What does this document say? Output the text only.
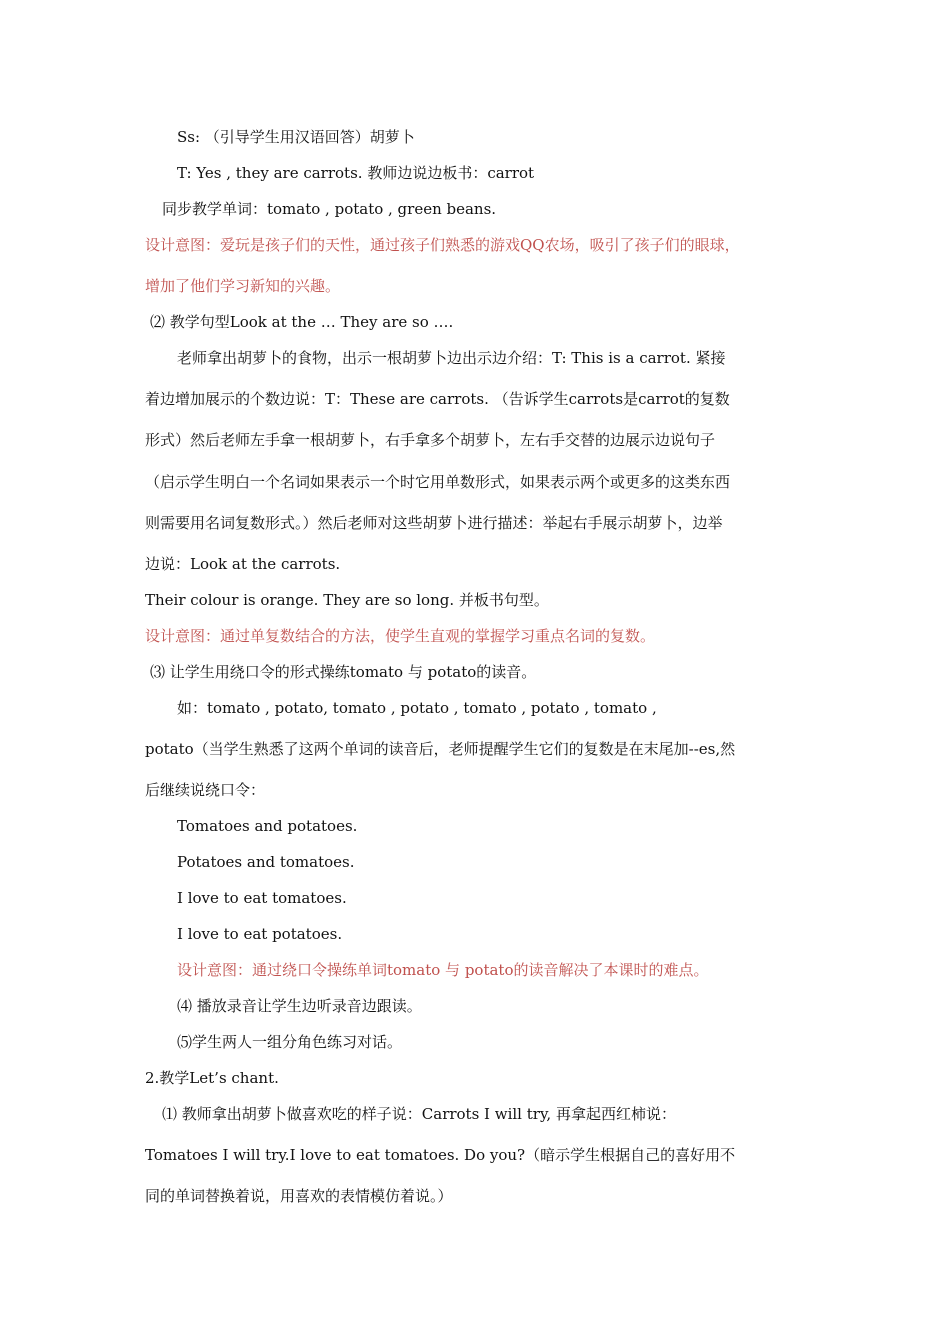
Ss: （引导学生用汉语回答）胡萝卜
T: Yes , they are carrots. 教师边说边板书：carrot
同步教学单词：tomato , potato , green beans.
设计意图：爱玩是孩子们的天性，通过孩子们熟悉的游戏QQ农场，吸引了孩子们的眼球，
增加了他们学习新知的兴趣。
⑵ 教学句型Look at the … They are so ….
老师拿出胡萝卜的食物，出示一根胡萝卜边出示边介绍：T: This is a carrot. 紧接
着边增加展示的个数边说：T：These are carrots. （告诉学生carrots是carrot的复数
形式）然后老师左手拿一根胡萝卜，右手拿多个胡萝卜，左右手交替的边展示边说句子
（启示学生明白一个名词如果表示一个时它用单数形式，如果表示两个或更多的这类东西
则需要用名词复数形式。）然后老师对这些胡萝卜进行描述：举起右手展示胡萝卜，边举
边说：Look at the carrots.
Their colour is orange. They are so long. 并板书句型。
设计意图：通过单复数结合的方法，使学生直观的掌握学习重点名词的复数。
⑶ 让学生用绕口令的形式操练tomato 与 potato的读音。
如：tomato , potato, tomato , potato , tomato , potato , tomato ,
potato（当学生熟悉了这两个单词的读音后，老师提醒学生它们的复数是在末尾加--es,然
后继续说绕口令：
Tomatoes and potatoes.
Potatoes and tomatoes.
I love to eat tomatoes.
I love to eat potatoes.
设计意图：通过绕口令操练单词tomato 与 potato的读音解决了本课时的难点。
⑷ 播放录音让学生边听录音边跟读。
⑸学生两人一组分角色练习对话。
2.教学Let’s chant.
⑴ 教师拿出胡萝卜做喜欢吃的样子说：Carrots I will try, 再拿起西红柿说：
Tomatoes I will try.I love to eat tomatoes. Do you?（暗示学生根据自己的喜好用不
同的单词替换着说，用喜欢的表情模仿着说。）
